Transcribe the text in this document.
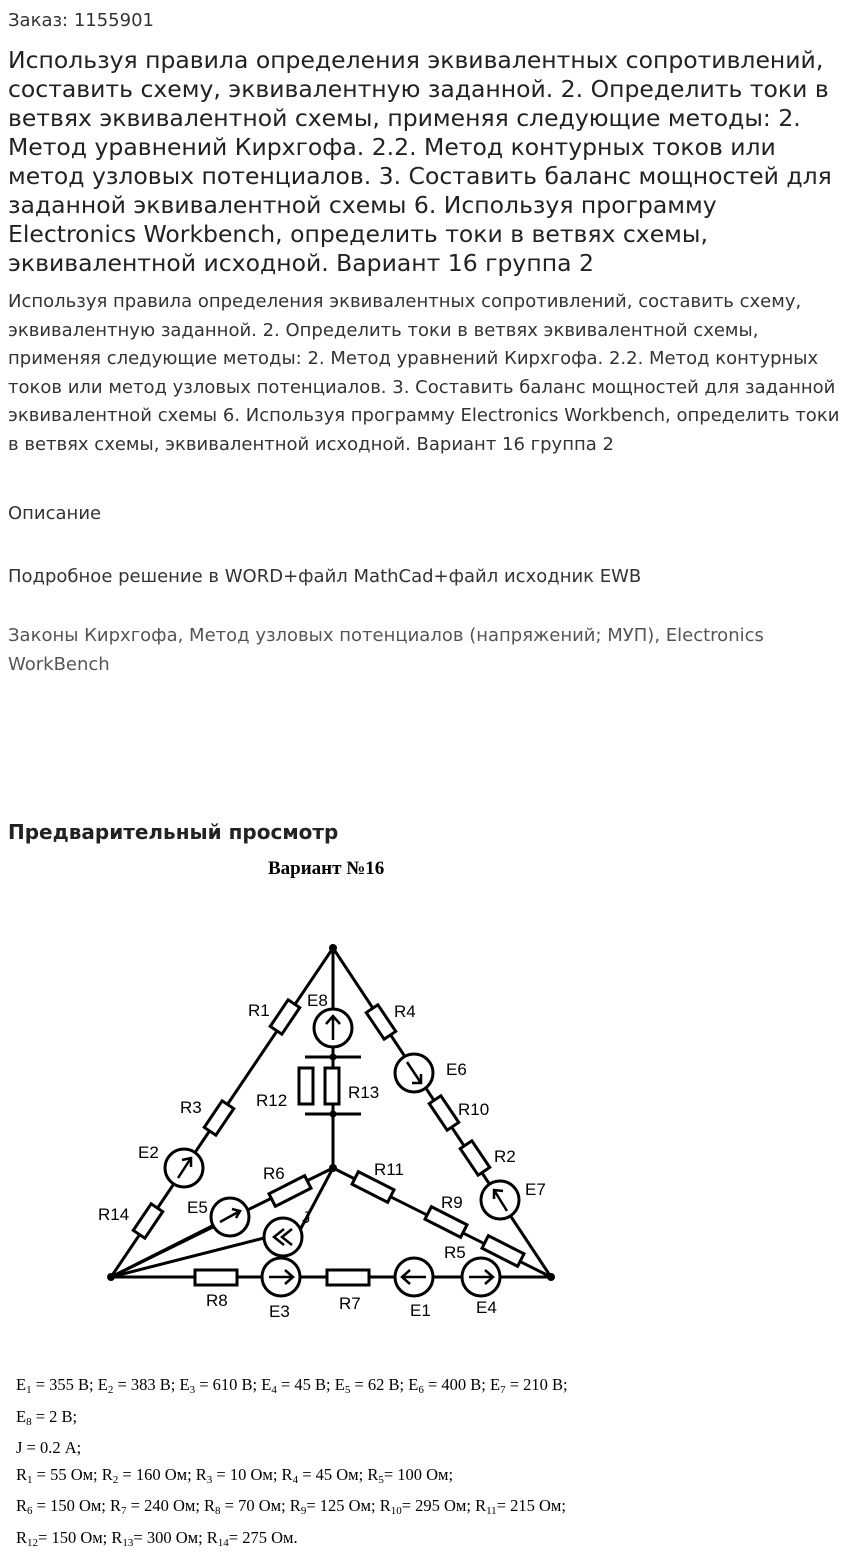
Заказ: 1155901
Используя правила определения эквивалентных сопротивлений, составить схему, эквивалентную заданной. 2. Определить токи в ветвях эквивалентной схемы, применяя следующие методы: 2. Метод уравнений Кирхгофа. 2.2. Метод контурных токов или метод узловых потенциалов. 3. Составить баланс мощностей для заданной эквивалентной схемы 6. Используя программу Electronics Workbench, определить токи в ветвях схемы, эквивалентной исходной. Вариант 16 группа 2

Используя правила определения эквивалентных сопротивлений, составить схему, эквивалентную заданной. 2. Определить токи в ветвях эквивалентной схемы, применяя следующие методы: 2. Метод уравнений Кирхгофа. 2.2. Метод контурных токов или метод узловых потенциалов. 3. Составить баланс мощностей для заданной эквивалентной схемы 6. Используя программу Electronics Workbench, определить токи в ветвях схемы, эквивалентной исходной. Вариант 16 группа 2

Описание
Подробное решение в WORD+файл MathCad+файл исходник EWB
Законы Кирхгофа, Метод узловых потенциалов (напряжений; МУП), Electronics WorkBench
Предварительный просмотр
Вариант №16
R1
E8
R4
E6
R12	R13
R3	R10
E2	R2
R6	R11
E7
E5	R9
R14	J
R5
R8
E3	R7	E1	E4
$E_1 = 355$ В; $E_2 = 383$ В; $E_3 = 610$ В; $E_4 = 45$ В; $E_5 = 62$ В; $E_6 = 400$ В; $E_7 = 210$ В;
$E_8 = 2$ В;
J = 0.2 А;
$R_1 = 55$ Ом; $R_2 = 160$ Ом; $R_3 = 10$ Ом; $R_4 = 45$ Ом; $R_5= 100$ Ом;
$R_6 = 150$ Ом; $R_7 = 240$ Ом; $R_8 = 70$ Ом; $R_9= 125$ Ом; $R_{10}= 295$ Ом; $R_{11}= 215$ Ом;
$R_{12}= 150$ Ом; $R_{13}= 300$ Ом; $R_{14}= 275$ Ом.
